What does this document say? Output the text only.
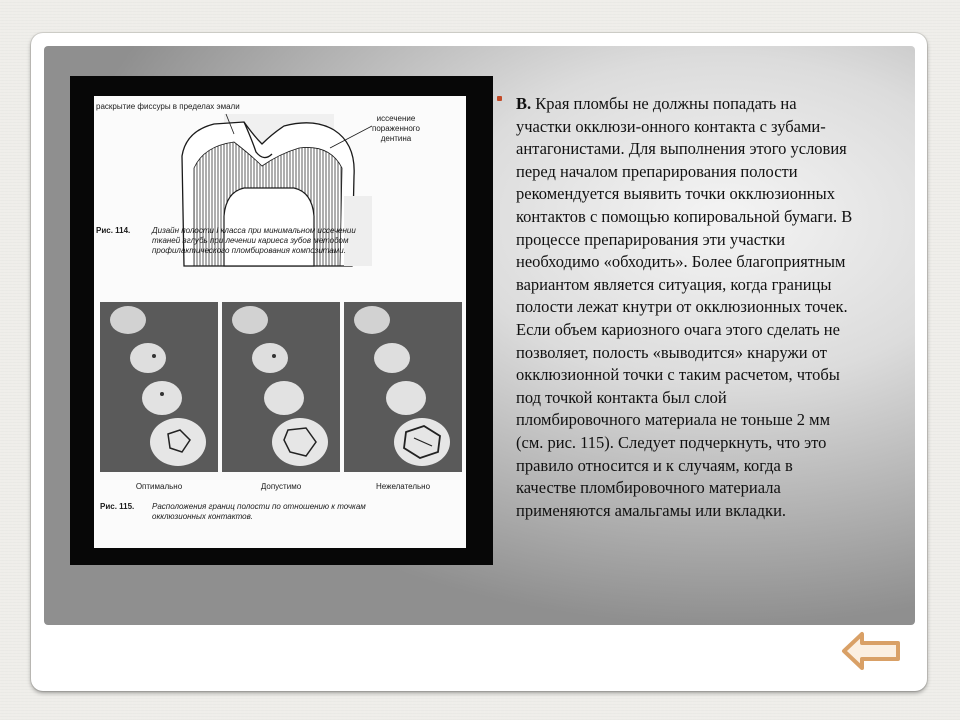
раскрытие фиссуры в пределах эмали
иссечение
пораженного
дентина
Рис. 114.	Дизайн полости I класса при минимальном иссечении
тканей вглубь при лечении кариеса зубов методом
профилактического пломбирования композитами.
Оптимально	Допустимо	Нежелательно
Рис. 115. Расположения границ полости по отношению к точкам
окклюзионных контактов.
В. Края пломбы не должны попадать на
участки окклюзи-онного контакта с зубами-
антагонистами. Для выполнения этого условия
перед началом препарирования полости
рекомендуется выявить точки окклюзионных
контактов с помощью копировальной бумаги. В
процессе препарирования эти участки
необходимо «обходить». Более благоприятным
вариантом является ситуация, когда границы
полости лежат кнутри от окклюзионных точек.
Если объем кариозного очага этого сделать не
позволяет, полость «выводится» кнаружи от
окклюзионной точки с таким расчетом, чтобы
под точкой контакта был слой
пломбировочного материала не тоньше 2 мм
(см. рис. 115). Следует подчеркнуть, что это
правило относится и к случаям, когда в
качестве пломбировочного материала
применяются амальгамы или вкладки.
